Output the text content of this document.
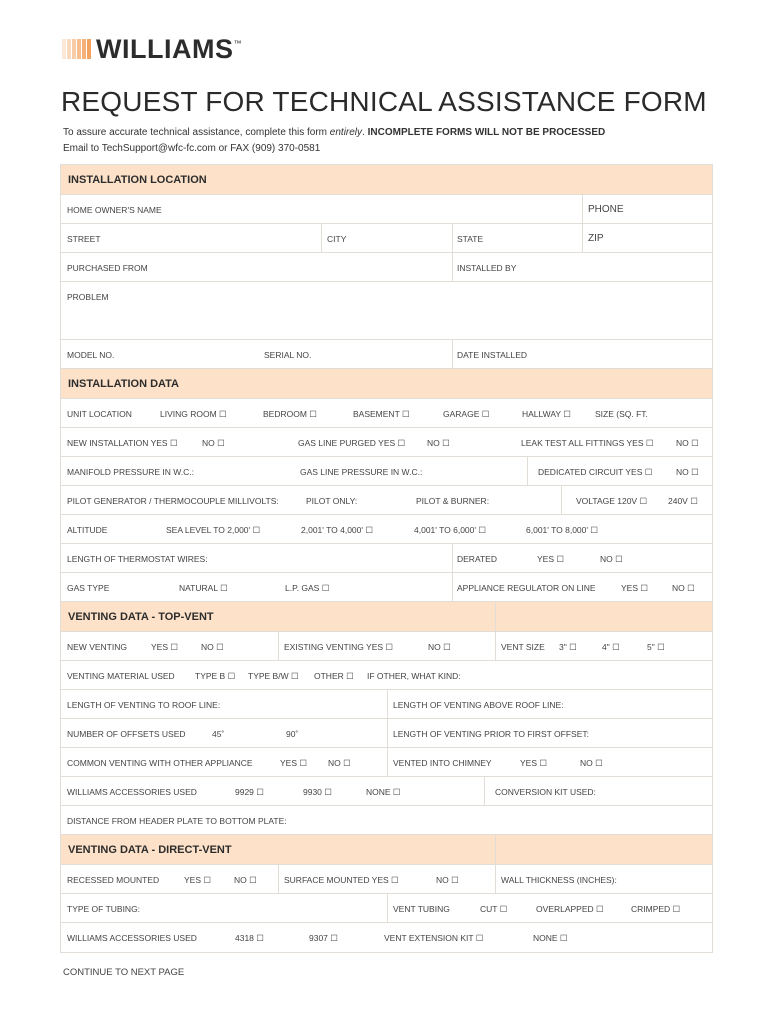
WILLIAMS ™
REQUEST FOR TECHNICAL ASSISTANCE FORM
To assure accurate technical assistance, complete this form entirely. INCOMPLETE FORMS WILL NOT BE PROCESSED
Email to TechSupport@wfc-fc.com or FAX (909) 370-0581
INSTALLATION LOCATION
HOME OWNER'S NAME	PHONE
STREET	CITY	STATE	ZIP
PURCHASED FROM	INSTALLED BY
PROBLEM
MODEL NO.	SERIAL NO.	DATE INSTALLED
INSTALLATION DATA
UNIT LOCATION	LIVING ROOM ☐	BEDROOM ☐	BASEMENT ☐	GARAGE ☐	HALLWAY ☐	SIZE (SQ. FT.
NEW INSTALLATION YES ☐	NO ☐	GAS LINE PURGED YES ☐	NO ☐	LEAK TEST ALL FITTINGS YES ☐	NO ☐
MANIFOLD PRESSURE IN W.C.:	GAS LINE PRESSURE IN W.C.:	DEDICATED CIRCUIT YES ☐	NO ☐
PILOT GENERATOR / THERMOCOUPLE MILLIVOLTS:	PILOT ONLY:	PILOT & BURNER:	VOLTAGE 120V ☐ 240V ☐
ALTITUDE	SEA LEVEL TO 2,000' ☐	2,001' TO 4,000' ☐	4,001' TO 6,000' ☐	6,001' TO 8,000' ☐
LENGTH OF THERMOSTAT WIRES:	DERATED	YES ☐	NO ☐
GAS TYPE	NATURAL ☐	L.P. GAS ☐	APPLIANCE REGULATOR ON LINE	YES ☐	NO ☐
VENTING DATA - TOP-VENT
NEW VENTING	YES ☐	NO ☐	EXISTING VENTING YES ☐	NO ☐	VENT SIZE 3" ☐	4" ☐	5" ☐
VENTING MATERIAL USED TYPE B ☐ TYPE B/W ☐ OTHER ☐ IF OTHER, WHAT KIND:
LENGTH OF VENTING TO ROOF LINE:	LENGTH OF VENTING ABOVE ROOF LINE:
NUMBER OF OFFSETS USED	45˚	90˚	LENGTH OF VENTING PRIOR TO FIRST OFFSET:
COMMON VENTING WITH OTHER APPLIANCE	YES ☐ NO ☐	VENTED INTO CHIMNEY	YES ☐	NO ☐
WILLIAMS ACCESSORIES USED	9929 ☐	9930 ☐	NONE ☐	CONVERSION KIT USED:
DISTANCE FROM HEADER PLATE TO BOTTOM PLATE:
VENTING DATA - DIRECT-VENT
RECESSED MOUNTED	YES ☐	NO ☐	SURFACE MOUNTED YES ☐	NO ☐	WALL THICKNESS (INCHES):
TYPE OF TUBING:	VENT TUBING	CUT ☐	OVERLAPPED ☐	CRIMPED ☐
WILLIAMS ACCESSORIES USED	4318 ☐	9307 ☐	VENT EXTENSION KIT ☐	NONE ☐
CONTINUE TO NEXT PAGE
